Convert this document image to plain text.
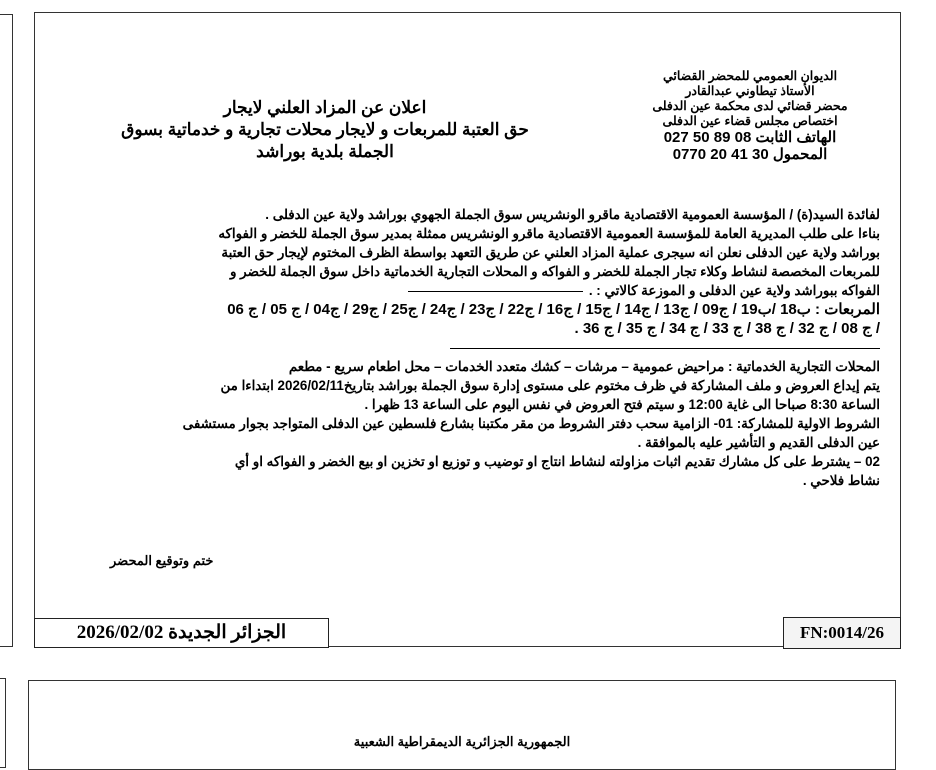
الديوان العمومي للمحضر القضائي
الأستاذ تيطاوني عبدالقادر
محضر قضائي لدى محكمة عين الدفلى
اختصاص مجلس قضاء عين الدفلى
الهاتف الثابت 08 89 50 027
المحمول 30 41 20 0770
اعلان عن المزاد العلني لايجار
حق العتبة للمربعات و لايجار محلات تجارية و خدماتية بسوق
الجملة بلدية بوراشد
لفائدة السيد(ة) / المؤسسة العمومية الاقتصادية ماقرو الونشريس سوق الجملة الجهوي بوراشد ولاية عين الدفلى .
بناءا على طلب المديرية العامة للمؤسسة العمومية الاقتصادية ماقرو الونشريس ممثلة بمدير سوق الجملة للخضر و الفواكه
بوراشد ولاية عين الدفلى نعلن انه سيجرى عملية المزاد العلني عن طريق التعهد بواسطة الظرف المختوم لإيجار حق العتبة
للمربعات المخصصة لنشاط وكلاء تجار الجملة للخضر و الفواكه و المحلات التجارية الخدماتية داخل سوق الجملة للخضر و
الفواكه ببوراشد ولاية عين الدفلى و الموزعة كالاتي : .
المربعات : ب18 /ب19 / ج09 / ج13 / ج14 / ج15 / ج16 / ج22 / ج23 / ج24 / ج25 / ج29 / ج04 / ج 05 / ج 06
/ ج 08 / ج 32 / ج 38 / ج 33 / ج 34 / ج 35 / ج 36 .
المحلات التجارية الخدماتية : مراحيض عمومية – مرشات – كشك متعدد الخدمات – محل اطعام سريع - مطعم
يتم إيداع العروض و ملف المشاركة في ظرف مختوم على مستوى إدارة سوق الجملة بوراشد بتاريخ2026/02/11 ابتداءا من
الساعة 8:30 صباحا الى غاية 12:00 و سيتم فتح العروض في نفس اليوم على الساعة 13 ظهرا .
الشروط الاولية للمشاركة: 01- الزامية سحب دفتر الشروط من مقر مكتبنا بشارع فلسطين عين الدفلى المتواجد بجوار مستشفى
عين الدفلى القديم و التأشير عليه بالموافقة .
02 – يشترط على كل مشارك تقديم اثبات مزاولته لنشاط انتاج او توضيب و توزيع او تخزين او بيع الخضر و الفواكه او أي
نشاط فلاحي .
ختم وتوقيع المحضر
الجزائر الجديدة 2026/02/02	FN:0014/26
الجمهورية الجزائرية الديمقراطية الشعبية
